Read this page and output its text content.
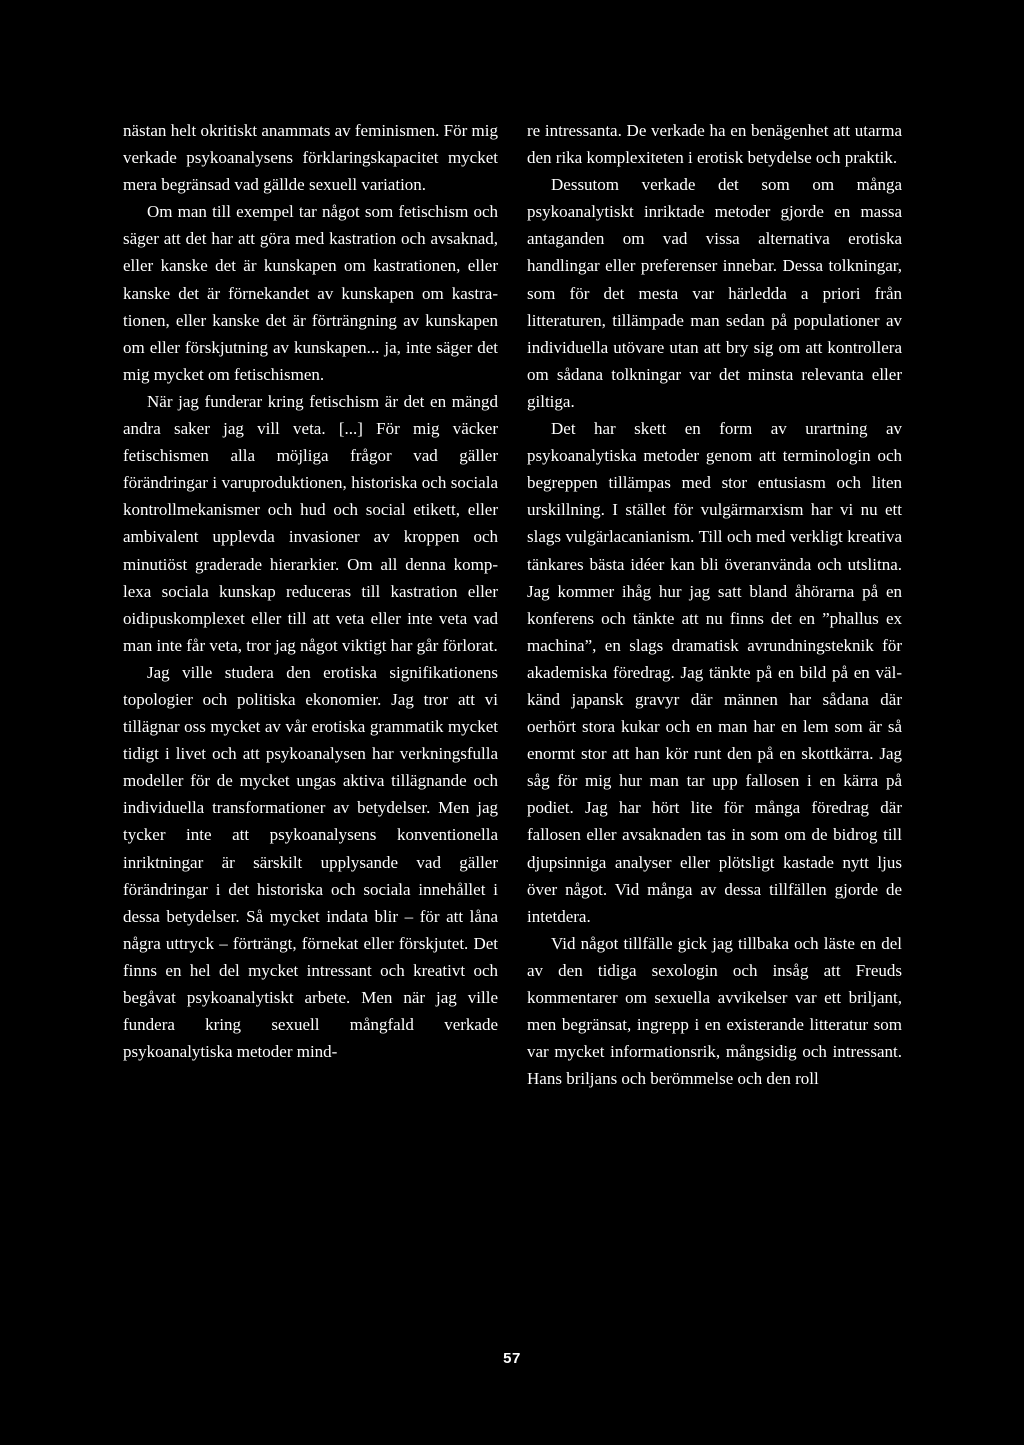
nästan helt okritiskt anammats av feminismen. För mig verkade psykoanalysens förklaringskapacitet mycket mera begränsad vad gällde sexuell variation.

Om man till exempel tar något som fetischism och säger att det har att göra med kastration och avsaknad, eller kanske det är kunskapen om kastrationen, eller kanske det är förnekandet av kunskapen om kastrationen, eller kanske det är förträngning av kunskapen om eller förskjutning av kunskapen... ja, inte säger det mig mycket om fetischismen.

När jag funderar kring fetischism är det en mängd andra saker jag vill veta. [...] För mig väcker fetischismen alla möjliga frågor vad gäller förändringar i varuproduktionen, historiska och sociala kontrollmekanismer och hud och social etikett, eller ambivalent upplevda invasioner av kroppen och minutiöst graderade hierarkier. Om all denna komplexa sociala kunskap reduceras till kastration eller oidipuskomplexet eller till att veta eller inte veta vad man inte får veta, tror jag något viktigt har går förlorat.

Jag ville studera den erotiska signifikationens topologier och politiska ekonomier. Jag tror att vi tillägnar oss mycket av vår erotiska grammatik mycket tidigt i livet och att psykoanalysen har verkningsfulla modeller för de mycket ungas aktiva tillägnande och individuella transformationer av betydelser. Men jag tycker inte att psykoanalysens konventionella inriktningar är särskilt upplysande vad gäller förändringar i det historiska och sociala innehållet i dessa betydelser. Så mycket indata blir – för att låna några uttryck – förträngt, förnekat eller förskjutet. Det finns en hel del mycket intressant och kreativt och begåvat psykoanalytiskt arbete. Men när jag ville fundera kring sexuell mångfald verkade psykoanalytiska metoder mind-

re intressanta. De verkade ha en benägenhet att utarma den rika komplexiteten i erotisk betydelse och praktik.

Dessutom verkade det som om många psykoanalytiskt inriktade metoder gjorde en massa antaganden om vad vissa alternativa erotiska handlingar eller preferenser innebar. Dessa tolkningar, som för det mesta var härledda a priori från litteraturen, tillämpade man sedan på populationer av individuella utövare utan att bry sig om att kontrollera om sådana tolkningar var det minsta relevanta eller giltiga.

Det har skett en form av urartning av psykoanalytiska metoder genom att terminologin och begreppen tillämpas med stor entusiasm och liten urskillning. I stället för vulgärmarxism har vi nu ett slags vulgärlacanianism. Till och med verkligt kreativa tänkares bästa idéer kan bli överanvända och utslitna. Jag kommer ihåg hur jag satt bland åhörarna på en konferens och tänkte att nu finns det en ”phallus ex machina”, en slags dramatisk avrundningsteknik för akademiska föredrag. Jag tänkte på en bild på en välkänd japansk gravyr där männen har sådana där oerhört stora kukar och en man har en lem som är så enormt stor att han kör runt den på en skottkärra. Jag såg för mig hur man tar upp fallosen i en kärra på podiet. Jag har hört lite för många föredrag där fallosen eller avsaknaden tas in som om de bidrog till djupsinniga analyser eller plötsligt kastade nytt ljus över något. Vid många av dessa tillfällen gjorde de intetdera.

Vid något tillfälle gick jag tillbaka och läste en del av den tidiga sexologin och insåg att Freuds kommentarer om sexuella avvikelser var ett briljant, men begränsat, ingrepp i en existerande litteratur som var mycket informationsrik, mångsidig och intressant. Hans briljans och berömmelse och den roll

57
